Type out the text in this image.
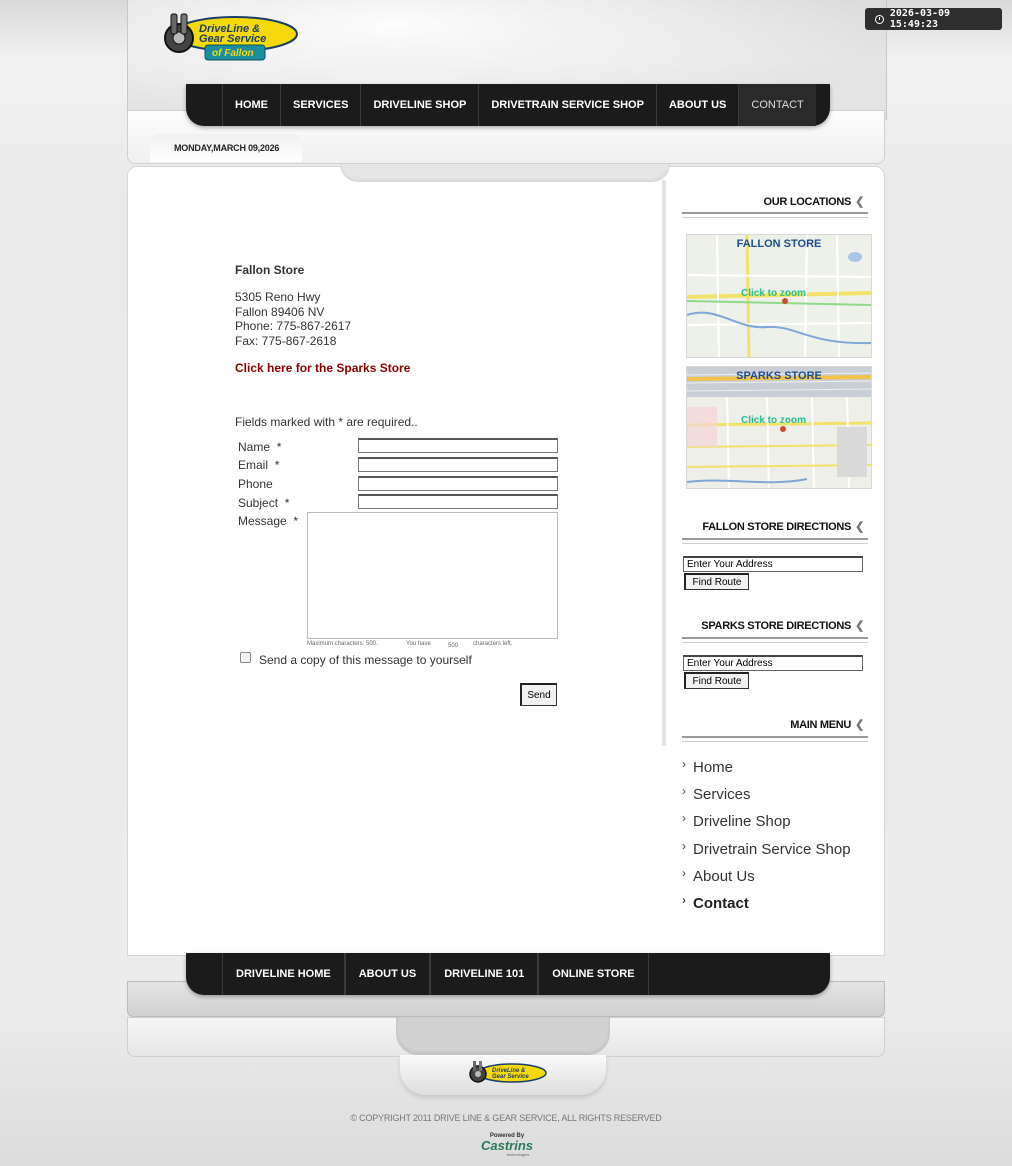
2026-03-09 15:49:23
DriveLine &
Gear Service
of Fallon
HOME	SERVICES	DRIVELINE SHOP	DRIVETRAIN SERVICE SHOP	ABOUT US	CONTACT
MONDAY,MARCH 09,2026
Fallon Store
5305 Reno Hwy
Fallon 89406 NV
Phone: 775-867-2617
Fax: 775-867-2618
Click here for the Sparks Store
Fields marked with * are required..
Name *
Email *
Phone
Subject *
Message *
Maximum characters: 500.	You have	500 characters left.
Send a copy of this message to yourself
Send
OUR LOCATIONS ❮
FALLON STORE
Click to zoom
SPARKS STORE
Click to zoom
FALLON STORE DIRECTIONS ❮
Enter Your Address
Find Route
SPARKS STORE DIRECTIONS ❮
Enter Your Address
Find Route
MAIN MENU ❮
› Home
› Services
› Driveline Shop
› Drivetrain Service Shop
› About Us
› Contact
DRIVELINE HOME	ABOUT US	DRIVELINE 101	ONLINE STORE
DriveLine &
Gear Service
© COPYRIGHT 2011 DRIVE LINE & GEAR SERVICE, ALL RIGHTS RESERVED
Powered By
Castrins
technologies
